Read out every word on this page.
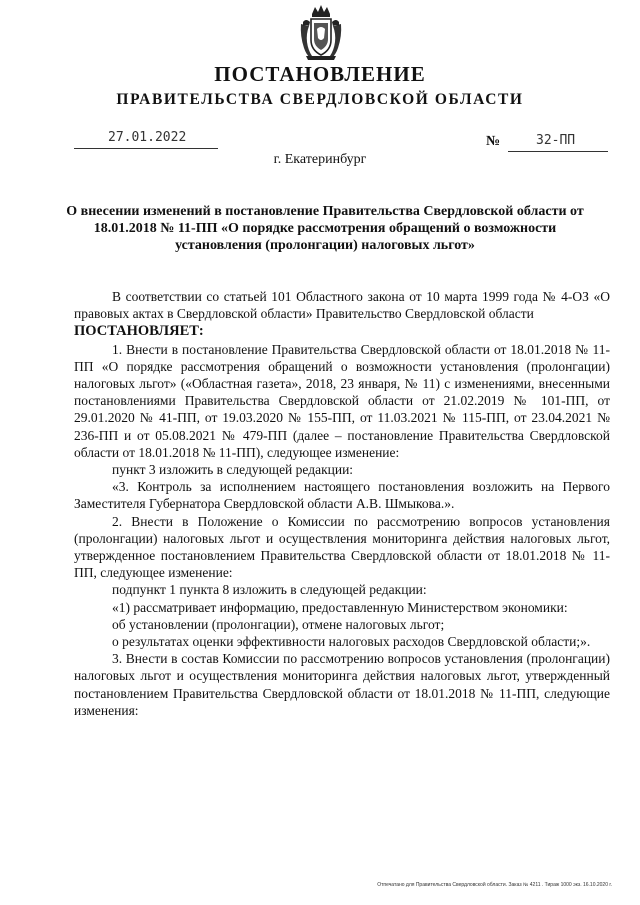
ПОСТАНОВЛЕНИЕ
ПРАВИТЕЛЬСТВА СВЕРДЛОВСКОЙ ОБЛАСТИ
27.01.2022	№	32-ПП
г. Екатеринбург
О внесении изменений в постановление Правительства Свердловской области от 18.01.2018 № 11-ПП «О порядке рассмотрения обращений о возможности установления (пролонгации) налоговых льгот»

В соответствии со статьей 101 Областного закона от 10 марта 1999 года № 4-ОЗ «О правовых актах в Свердловской области» Правительство Свердловской области

ПОСТАНОВЛЯЕТ:

1. Внести в постановление Правительства Свердловской области от 18.01.2018 № 11-ПП «О порядке рассмотрения обращений о возможности установления (пролонгации) налоговых льгот» («Областная газета», 2018, 23 января, № 11) с изменениями, внесенными постановлениями Правительства Свердловской области от 21.02.2019 № 101-ПП, от 29.01.2020 № 41-ПП, от 19.03.2020 № 155-ПП, от 11.03.2021 № 115-ПП, от 23.04.2021 № 236-ПП и от 05.08.2021 № 479-ПП (далее – постановление Правительства Свердловской области от 18.01.2018 № 11-ПП), следующее изменение:

пункт 3 изложить в следующей редакции:

«3. Контроль за исполнением настоящего постановления возложить на Первого Заместителя Губернатора Свердловской области А.В. Шмыкова.».

2. Внести в Положение о Комиссии по рассмотрению вопросов установления (пролонгации) налоговых льгот и осуществления мониторинга действия налоговых льгот, утвержденное постановлением Правительства Свердловской области от 18.01.2018 № 11-ПП, следующее изменение:

подпункт 1 пункта 8 изложить в следующей редакции:

«1) рассматривает информацию, предоставленную Министерством экономики:

об установлении (пролонгации), отмене налоговых льгот;

о результатах оценки эффективности налоговых расходов Свердловской области;».

3. Внести в состав Комиссии по рассмотрению вопросов установления (пролонгации) налоговых льгот и осуществления мониторинга действия налоговых льгот, утвержденный постановлением Правительства Свердловской области от 18.01.2018 № 11-ПП, следующие изменения:

Отпечатано для Правительства Свердловской области. Заказ № 4211 . Тираж 1000 экз. 16.10.2020 г.
